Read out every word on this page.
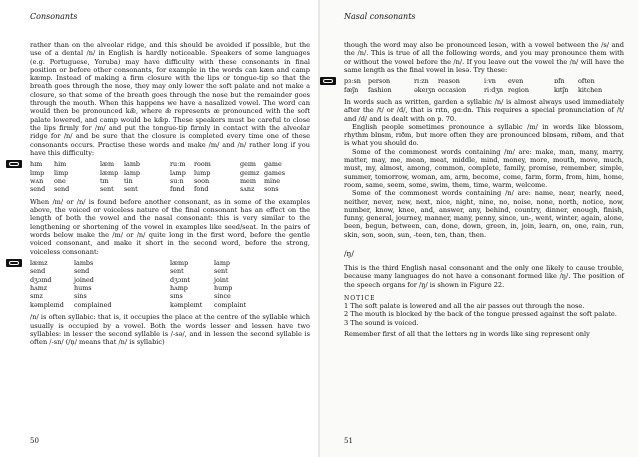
Consonants

rather than on the alveolar ridge, and this should be avoided if possible, but the use of a dental /n/ in English is hardly noticeable. Speakers of some languages (e.g. Portuguese, Yoruba) may have difficulty with these consonants in final position or before other consonants, for example in the words can kæn and camp kæmp. Instead of making a firm closure with the lips or tongue-tip so that the breath goes through the nose, they may only lower the soft palate and not make a closure, so that some of the breath goes through the nose but the remainder goes through the mouth. When this happens we have a nasalized vowel. The word can would then be pronounced kæ̃, where æ̃ represents æ pronounced with the soft palate lowered, and camp would be kæ̃p. These speakers must be careful to close the lips firmly for /m/ and put the tongue-tip firmly in contact with the alveolar ridge for /n/ and be sure that the closure is completed every time one of these consonants occurs. Practise these words and make /m/ and /n/ rather long if you have this difficulty:

hɪm	him	læm	lamb	ruːm	room	geɪm	game
lɪmp	limp	læmp lamp	lʌmp	lump	geɪmz games
wʌn	one	tɪn	tin	suːn	soon	meɪn	mine
send	send	sent	sent	fɒnd	fond	sʌnz	sons

When /m/ or /n/ is found before another consonant, as in some of the examples above, the voiced or voiceless nature of the final consonant has an effect on the length of both the vowel and the nasal consonant: this is very similar to the lengthening or shortening of the vowel in examples like seed/seat. In the pairs of words below make the /m/ or /n/ quite long in the first word, before the gentle voiced consonant, and make it short in the second word, before the strong, voiceless consonant:

læmz	lambs	læmp	lamp
send	send	sent	sent
dʒɔɪnd	joined	dʒɔɪnt	joint
hʌmz	hums	hʌmp	hump
sɪnz	sins	sɪns	since
kəmpleɪnd	complained	kəmpleɪnt	complaint

/n/ is often syllabic: that is, it occupies the place at the centre of the syllable which usually is occupied by a vowel. Both the words lesser and lessen have two syllables: in lesser the second syllable is /-sə/, and in lessen the second syllable is often /-sn/ (/n̩/ means that /n/ is syllabic)

50
Nasal consonants

though the word may also be pronounced lesən, with a vowel between the /s/ and the /n/. This is true of all the following words, and you may pronounce them with or without the vowel before the /n/. If you leave out the vowel the /n/ will have the same length as the final vowel in lesə. Try these:

pɜːsn	person	rɪːzn	reason	iːvn	even	ɒfn	often
fæʃn	fashion	əkeɪʒn occasion	riːdʒn region	kɪtʃn	kitchen

In words such as written, garden a syllabic /n/ is almost always used immediately after the /t/ or /d/, that is rɪtn, gɑːdn. This requires a special pronunciation of /t/ and /d/ and is dealt with on p. 70.

English people sometimes pronounce a syllabic /m/ in words like blossom, rhythm blɒsm, rɪðm, but more often they are pronounced blɒsəm, rɪðəm, and that is what you should do.

Some of the commonest words containing /m/ are: make, man, many, marry, matter, may, me, mean, meat, middle, mind, money, more, mouth, move, much, must, my, almost, among, common, complete, family, promise, remember, simple, summer, tomorrow, woman, am, arm, become, come, farm, form, from, him, home, room, same, seem, some, swim, them, time, warm, welcome.

Some of the commonest words containing /n/ are: name, near, nearly, need, neither, never, new, next, nice, night, nine, no, noise, none, north, notice, now, number, know, knee, and, answer, any, behind, country, dinner, enough, finish, funny, general, journey, manner, many, penny, since, un-, went, winter, again, alone, been, begun, between, can, done, down, green, in, join, learn, on, one, rain, run, skin, son, soon, sun, -teen, ten, than, then.

/ŋ/

This is the third English nasal consonant and the only one likely to cause trouble, because many languages do not have a consonant formed like /ŋ/. The position of the speech organs for /ŋ/ is shown in Figure 22.

NOTICE
1 The soft palate is lowered and all the air passes out through the nose.
2 The mouth is blocked by the back of the tongue pressed against the soft palate.
3 The sound is voiced.

Remember first of all that the letters ng in words like sing represent only

51
